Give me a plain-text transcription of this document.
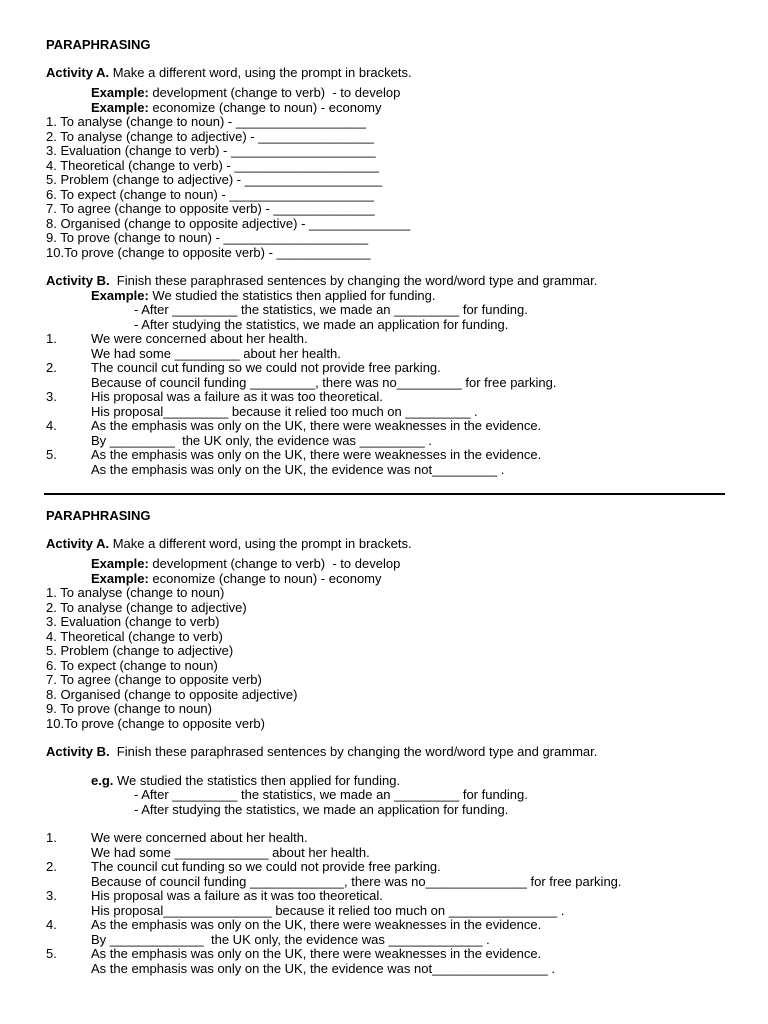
PARAPHRASING
Activity A. Make a different word, using the prompt in brackets.
Example: development (change to verb)  - to develop
Example: economize (change to noun) - economy
1. To analyse (change to noun) - __________________
2. To analyse (change to adjective) - ________________
3. Evaluation (change to verb) - ____________________
4. Theoretical (change to verb) - ____________________
5. Problem (change to adjective) - ___________________
6. To expect (change to noun) - ____________________
7. To agree (change to opposite verb) - ______________
8. Organised (change to opposite adjective) - ______________
9. To prove (change to noun) - ____________________
10.To prove (change to opposite verb) - _____________
Activity B.  Finish these paraphrased sentences by changing the word/word type and grammar.
Example: We studied the statistics then applied for funding.
- After _________ the statistics, we made an _________ for funding.
- After studying the statistics, we made an application for funding.
1.	We were concerned about her health.
We had some _________ about her health.
2.	The council cut funding so we could not provide free parking.
Because of council funding _________, there was no_________ for free parking.
3.	His proposal was a failure as it was too theoretical.
His proposal_________ because it relied too much on _________ .
4.	As the emphasis was only on the UK, there were weaknesses in the evidence.
By _________  the UK only, the evidence was _________ .
5.	As the emphasis was only on the UK, there were weaknesses in the evidence.
As the emphasis was only on the UK, the evidence was not_________ .
PARAPHRASING
Activity A. Make a different word, using the prompt in brackets.
Example: development (change to verb)  - to develop
Example: economize (change to noun) - economy
1. To analyse (change to noun)
2. To analyse (change to adjective)
3. Evaluation (change to verb)
4. Theoretical (change to verb)
5. Problem (change to adjective)
6. To expect (change to noun)
7. To agree (change to opposite verb)
8. Organised (change to opposite adjective)
9. To prove (change to noun)
10.To prove (change to opposite verb)
Activity B.  Finish these paraphrased sentences by changing the word/word type and grammar.
e.g. We studied the statistics then applied for funding.
- After _________ the statistics, we made an _________ for funding.
- After studying the statistics, we made an application for funding.
1.	We were concerned about her health.
We had some _____________ about her health.
2.	The council cut funding so we could not provide free parking.
Because of council funding _____________, there was no______________ for free parking.
3.	His proposal was a failure as it was too theoretical.
His proposal_______________ because it relied too much on _______________ .
4.	As the emphasis was only on the UK, there were weaknesses in the evidence.
By _____________  the UK only, the evidence was _____________ .
5.	As the emphasis was only on the UK, there were weaknesses in the evidence.
As the emphasis was only on the UK, the evidence was not________________ .
